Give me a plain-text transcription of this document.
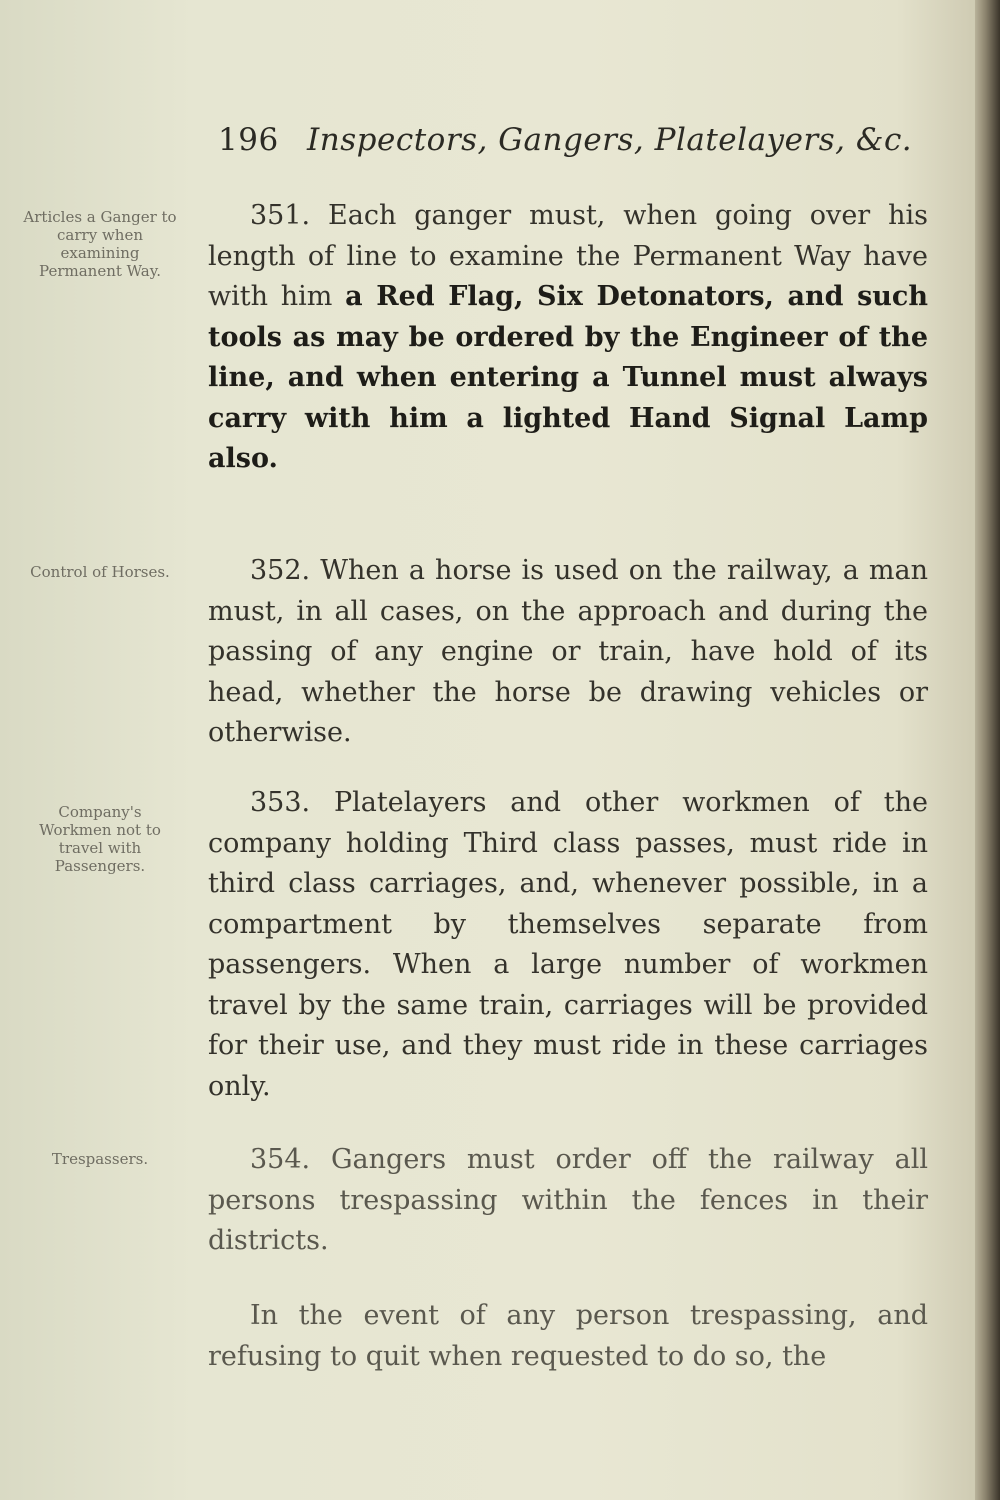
196 Inspectors, Gangers, Platelayers, &c.
Articles a Ganger to carry when examining Permanent Way.
Control of Horses.
Company's Workmen not to travel with Passengers.
Trespassers.
351. Each ganger must, when going over his length of line to examine the Permanent Way have with him a Red Flag, Six Detonators, and such tools as may be ordered by the Engineer of the line, and when entering a Tunnel must always carry with him a lighted Hand Signal Lamp also.
352. When a horse is used on the railway, a man must, in all cases, on the approach and during the passing of any engine or train, have hold of its head, whether the horse be drawing vehicles or otherwise.
353. Platelayers and other workmen of the company holding Third class passes, must ride in third class carriages, and, whenever possible, in a compartment by themselves separate from passengers. When a large number of workmen travel by the same train, carriages will be provided for their use, and they must ride in these carriages only.
354. Gangers must order off the railway all persons trespassing within the fences in their districts.
In the event of any person trespassing, and refusing to quit when requested to do so, the
